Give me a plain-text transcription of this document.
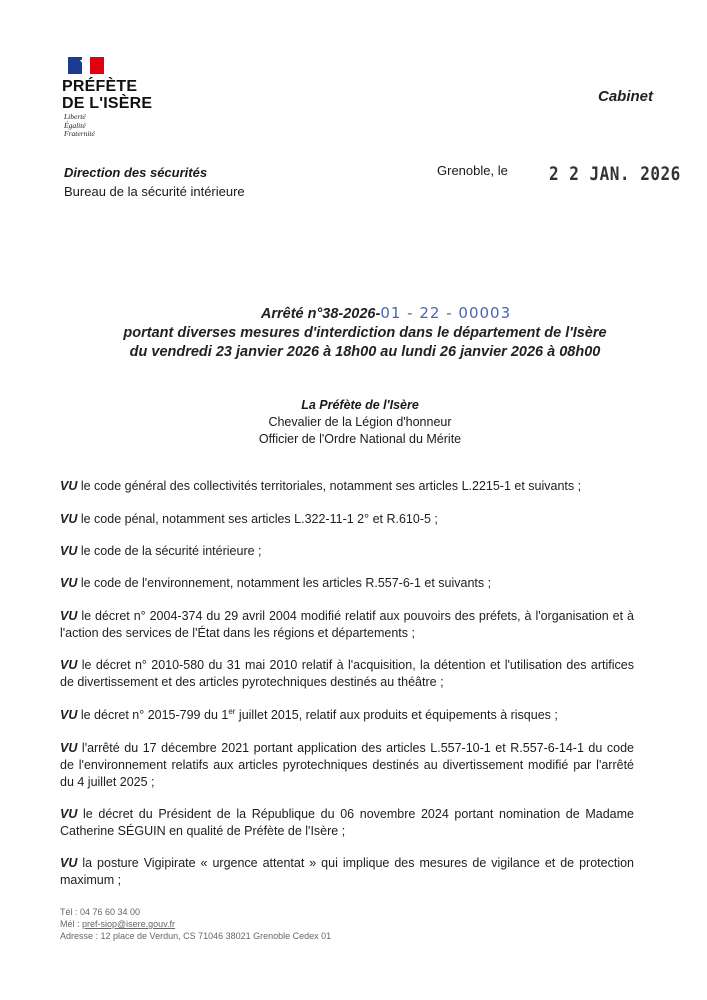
PRÉFÈTE
DE L'ISÈRE
Liberté
Égalité
Fraternité
Cabinet
Direction des sécurités
Bureau de la sécurité intérieure
Grenoble, le	2 2 JAN. 2026
Arrêté n°38-2026-01 - 22 - 00003
portant diverses mesures d'interdiction dans le département de l'Isère
du vendredi 23 janvier 2026 à 18h00 au lundi 26 janvier 2026 à 08h00
La Préfète de l'Isère
Chevalier de la Légion d'honneur
Officier de l'Ordre National du Mérite

VU le code général des collectivités territoriales, notamment ses articles L.2215-1 et suivants ;

VU le code pénal, notamment ses articles L.322-11-1 2° et R.610-5 ;

VU le code de la sécurité intérieure ;

VU le code de l'environnement, notamment les articles R.557-6-1 et suivants ;

VU le décret n° 2004-374 du 29 avril 2004 modifié relatif aux pouvoirs des préfets, à l'organisation et à l'action des services de l'État dans les régions et départements ;

VU le décret n° 2010-580 du 31 mai 2010 relatif à l'acquisition, la détention et l'utilisation des artifices de divertissement et des articles pyrotechniques destinés au théâtre ;

VU le décret n° 2015-799 du 1er juillet 2015, relatif aux produits et équipements à risques ;

VU l'arrêté du 17 décembre 2021 portant application des articles L.557-10-1 et R.557-6-14-1 du code de l'environnement relatifs aux articles pyrotechniques destinés au divertissement modifié par l'arrêté du 4 juillet 2025 ;

VU le décret du Président de la République du 06 novembre 2024 portant nomination de Madame Catherine SÉGUIN en qualité de Préfète de l'Isère ;

VU la posture Vigipirate « urgence attentat » qui implique des mesures de vigilance et de protection maximum ;

Tél : 04 76 60 34 00
Mél : pref-siop@isere.gouv.fr
Adresse : 12 place de Verdun, CS 71046 38021 Grenoble Cedex 01
